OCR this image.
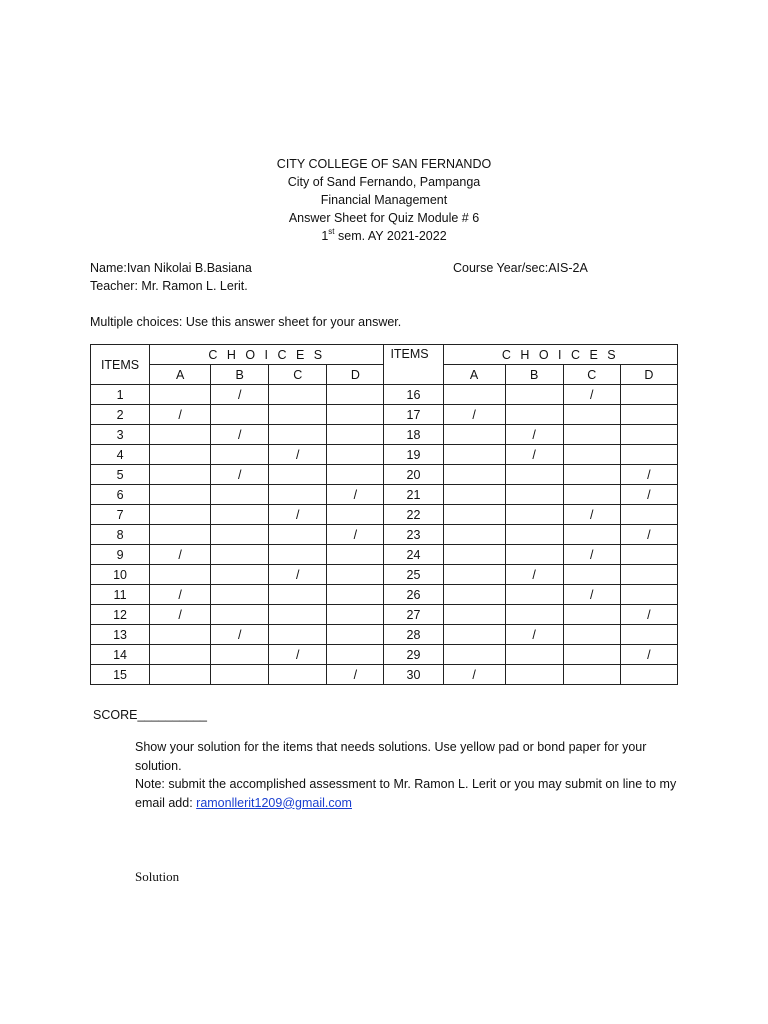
CITY COLLEGE OF SAN FERNANDO
City of Sand Fernando, Pampanga
Financial Management
Answer Sheet for Quiz Module # 6
1st sem. AY 2021-2022
Name:Ivan Nikolai B.Basiana	Course Year/sec:AIS-2A
Teacher: Mr. Ramon L. Lerit.
Multiple choices: Use this answer sheet for your answer.
ITEMS	C H O I C E S				ITEMS	C H O I C E S			
	A	B	C	D		A	B	C	D
1		/			16			/	
2	/				17	/			
3		/			18		/		
4			/		19		/		
5		/			20				/
6				/	21				/
7			/		22			/	
8				/	23				/
9	/				24			/	
10			/		25		/		
11	/				26			/	
12	/				27				/
13		/			28		/		
14			/		29				/
15				/	30	/			
SCORE__________
Show your solution for the items that needs solutions. Use yellow pad or bond paper for your solution.
Note: submit the accomplished assessment to Mr. Ramon L. Lerit or you may submit on line to my email add: ramonllerit1209@gmail.com
Solution
